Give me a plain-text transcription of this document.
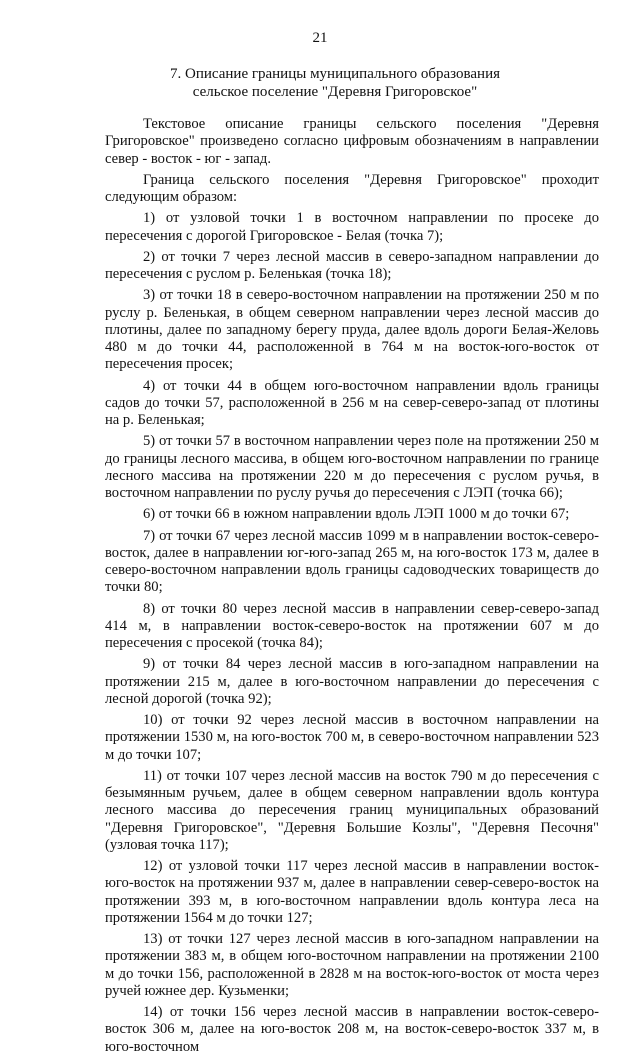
21
7. Описание границы муниципального образования
сельское поселение "Деревня Григоровское"

Текстовое описание границы сельского поселения "Деревня Григоровское" произведено согласно цифровым обозначениям в направлении север - восток - юг - запад.

Граница сельского поселения "Деревня Григоровское" проходит следующим образом:

1) от узловой точки 1 в восточном направлении по просеке до пересечения с дорогой Григоровское - Белая (точка 7);

2) от точки 7 через лесной массив в северо-западном направлении до пересечения с руслом р. Беленькая (точка 18);

3) от точки 18 в северо-восточном направлении на протяжении 250 м по руслу р. Беленькая, в общем северном направлении через лесной массив до плотины, далее по западному берегу пруда, далее вдоль дороги Белая-Желовь 480 м до точки 44, расположенной в 764 м на восток-юго-восток от пересечения просек;

4) от точки 44 в общем юго-восточном направлении вдоль границы садов до точки 57, расположенной в 256 м на север-северо-запад от плотины на р. Беленькая;

5) от точки 57 в восточном направлении через поле на протяжении 250 м до границы лесного массива, в общем юго-восточном направлении по границе лесного массива на протяжении 220 м до пересечения с руслом ручья, в восточном направлении по руслу ручья до пересечения с ЛЭП (точка 66);

6) от точки 66 в южном направлении вдоль ЛЭП 1000 м до точки 67;

7) от точки 67 через лесной массив 1099 м в направлении восток-северо-восток, далее в направлении юг-юго-запад 265 м, на юго-восток 173 м, далее в северо-восточном направлении вдоль границы садоводческих товариществ до точки 80;

8) от точки 80 через лесной массив в направлении север-северо-запад 414 м, в направлении восток-северо-восток на протяжении 607 м до пересечения с просекой (точка 84);

9) от точки 84 через лесной массив в юго-западном направлении на протяжении 215 м, далее в юго-восточном направлении до пересечения с лесной дорогой (точка 92);

10) от точки 92 через лесной массив в восточном направлении на протяжении 1530 м, на юго-восток 700 м, в северо-восточном направлении 523 м до точки 107;

11) от точки 107 через лесной массив на восток 790 м до пересечения с безымянным ручьем, далее в общем северном направлении вдоль контура лесного массива до пересечения границ муниципальных образований "Деревня Григоровское", "Деревня Большие Козлы", "Деревня Песочня" (узловая точка 117);

12) от узловой точки 117 через лесной массив в направлении восток-юго-восток на протяжении 937 м, далее в направлении север-северо-восток на протяжении 393 м, в юго-восточном направлении вдоль контура леса на протяжении 1564 м до точки 127;

13) от точки 127 через лесной массив в юго-западном направлении на протяжении 383 м, в общем юго-восточном направлении на протяжении 2100 м до точки 156, расположенной в 2828 м на восток-юго-восток от моста через ручей южнее дер. Кузьменки;

14) от точки 156 через лесной массив в направлении восток-северо-восток 306 м, далее на юго-восток 208 м, на восток-северо-восток 337 м, в юго-восточном
